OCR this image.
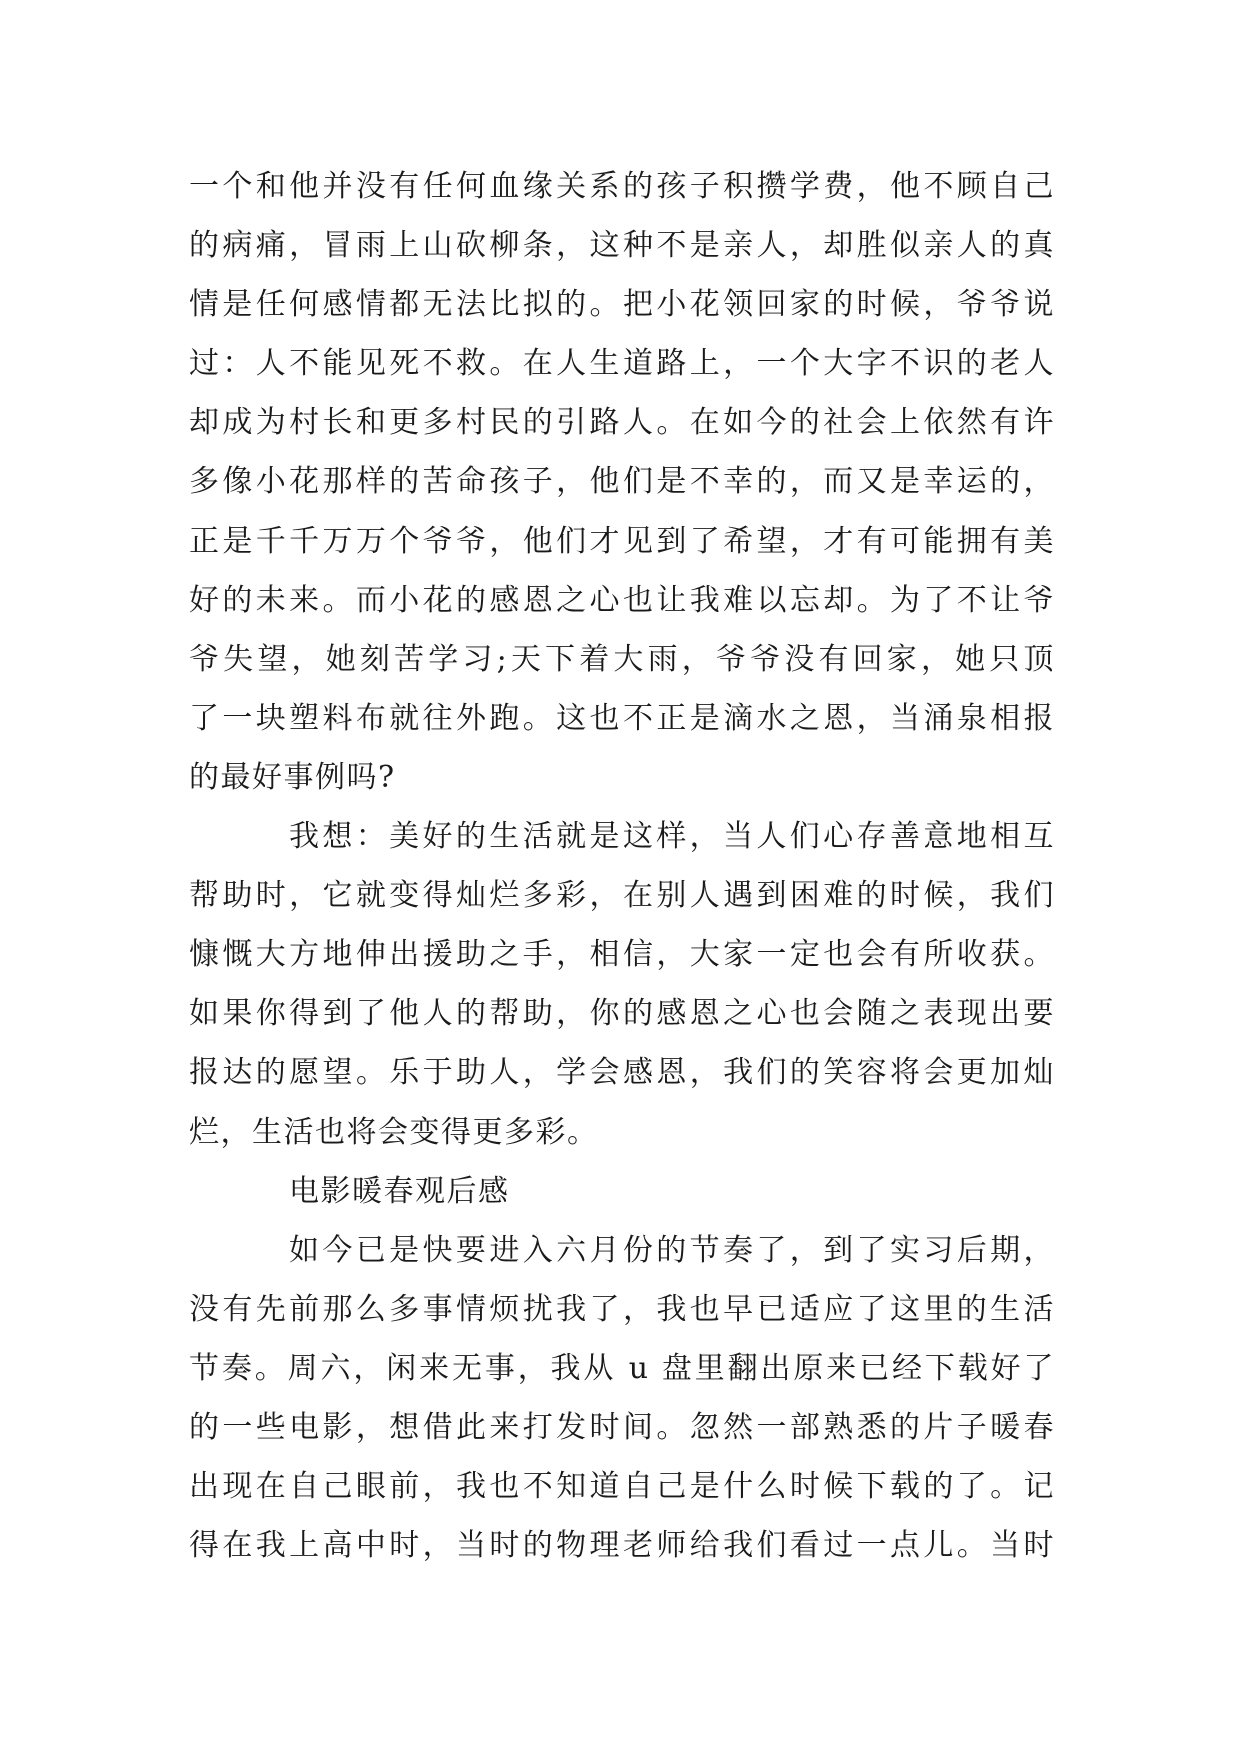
一个和他并没有任何血缘关系的孩子积攒学费，他不顾自己
的病痛，冒雨上山砍柳条，这种不是亲人，却胜似亲人的真
情是任何感情都无法比拟的。把小花领回家的时候，爷爷说
过：人不能见死不救。在人生道路上，一个大字不识的老人
却成为村长和更多村民的引路人。在如今的社会上依然有许
多像小花那样的苦命孩子，他们是不幸的，而又是幸运的，
正是千千万万个爷爷，他们才见到了希望，才有可能拥有美
好的未来。而小花的感恩之心也让我难以忘却。为了不让爷
爷失望，她刻苦学习;天下着大雨，爷爷没有回家，她只顶
了一块塑料布就往外跑。这也不正是滴水之恩，当涌泉相报
的最好事例吗?
我想：美好的生活就是这样，当人们心存善意地相互
帮助时，它就变得灿烂多彩，在别人遇到困难的时候，我们
慷慨大方地伸出援助之手，相信，大家一定也会有所收获。
如果你得到了他人的帮助，你的感恩之心也会随之表现出要
报达的愿望。乐于助人，学会感恩，我们的笑容将会更加灿
烂，生活也将会变得更多彩。
电影暖春观后感
如今已是快要进入六月份的节奏了，到了实习后期，
没有先前那么多事情烦扰我了，我也早已适应了这里的生活
节奏。周六，闲来无事，我从 u 盘里翻出原来已经下载好了
的一些电影，想借此来打发时间。忽然一部熟悉的片子暖春
出现在自己眼前，我也不知道自己是什么时候下载的了。记
得在我上高中时，当时的物理老师给我们看过一点儿。当时
